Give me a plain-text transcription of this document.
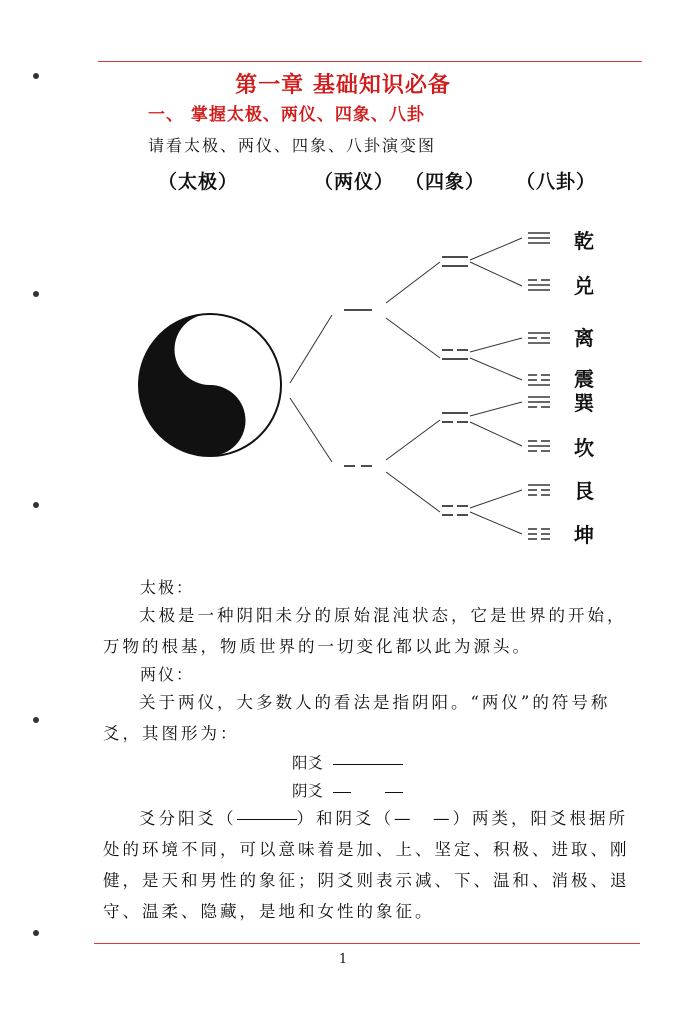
第一章 基础知识必备
一、 掌握太极、两仪、四象、八卦
请看太极、两仪、四象、八卦演变图
（太极）	（两仪） （四象） （八卦）
乾
兑
离
震
巽
坎
艮
坤
太极：
太极是一种阴阳未分的原始混沌状态，它是世界的开始，万物的根基，物质世界的一切变化都以此为源头。
两仪：
关于两仪，大多数人的看法是指阴阳。“两仪”的符号称爻，其图形为：
阳爻
阴爻
爻分阳爻（	）和阴爻（—　—）两类，阳爻根据所处的环境不同，可以意味着是加、上、坚定、积极、进取、刚健，是天和男性的象征；阴爻则表示减、下、温和、消极、退守、温柔、隐藏，是地和女性的象征。
1
